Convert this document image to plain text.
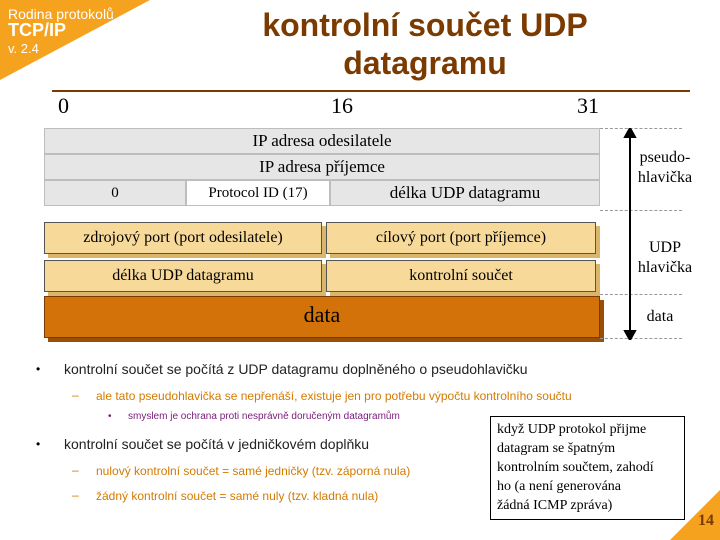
Rodina protokolů
TCP/IP
v. 2.4
kontrolní součet UDP
datagramu
0	16	31
IP adresa odesilatele
IP adresa příjemce
0	Protocol ID (17)	délka UDP datagramu
zdrojový port (port odesilatele)	cílový port (port příjemce)
délka UDP datagramu	kontrolní součet
data
pseudo-
hlavička
UDP
hlavička
data
• kontrolní součet se počítá z UDP datagramu doplněného o pseudohlavičku
– ale tato pseudohlavička se nepřenáší, existuje jen pro potřebu výpočtu kontrolního součtu
• smyslem je ochrana proti nesprávně doručeným datagramům
• kontrolní součet se počítá v jedničkovém doplňku
– nulový kontrolní součet = samé jedničky (tzv. záporná nula)
– žádný kontrolní součet = samé nuly (tzv. kladná nula)
když UDP protokol přijme
datagram se špatným
kontrolním součtem, zahodí
ho (a není generována
žádná ICMP zpráva)
14
